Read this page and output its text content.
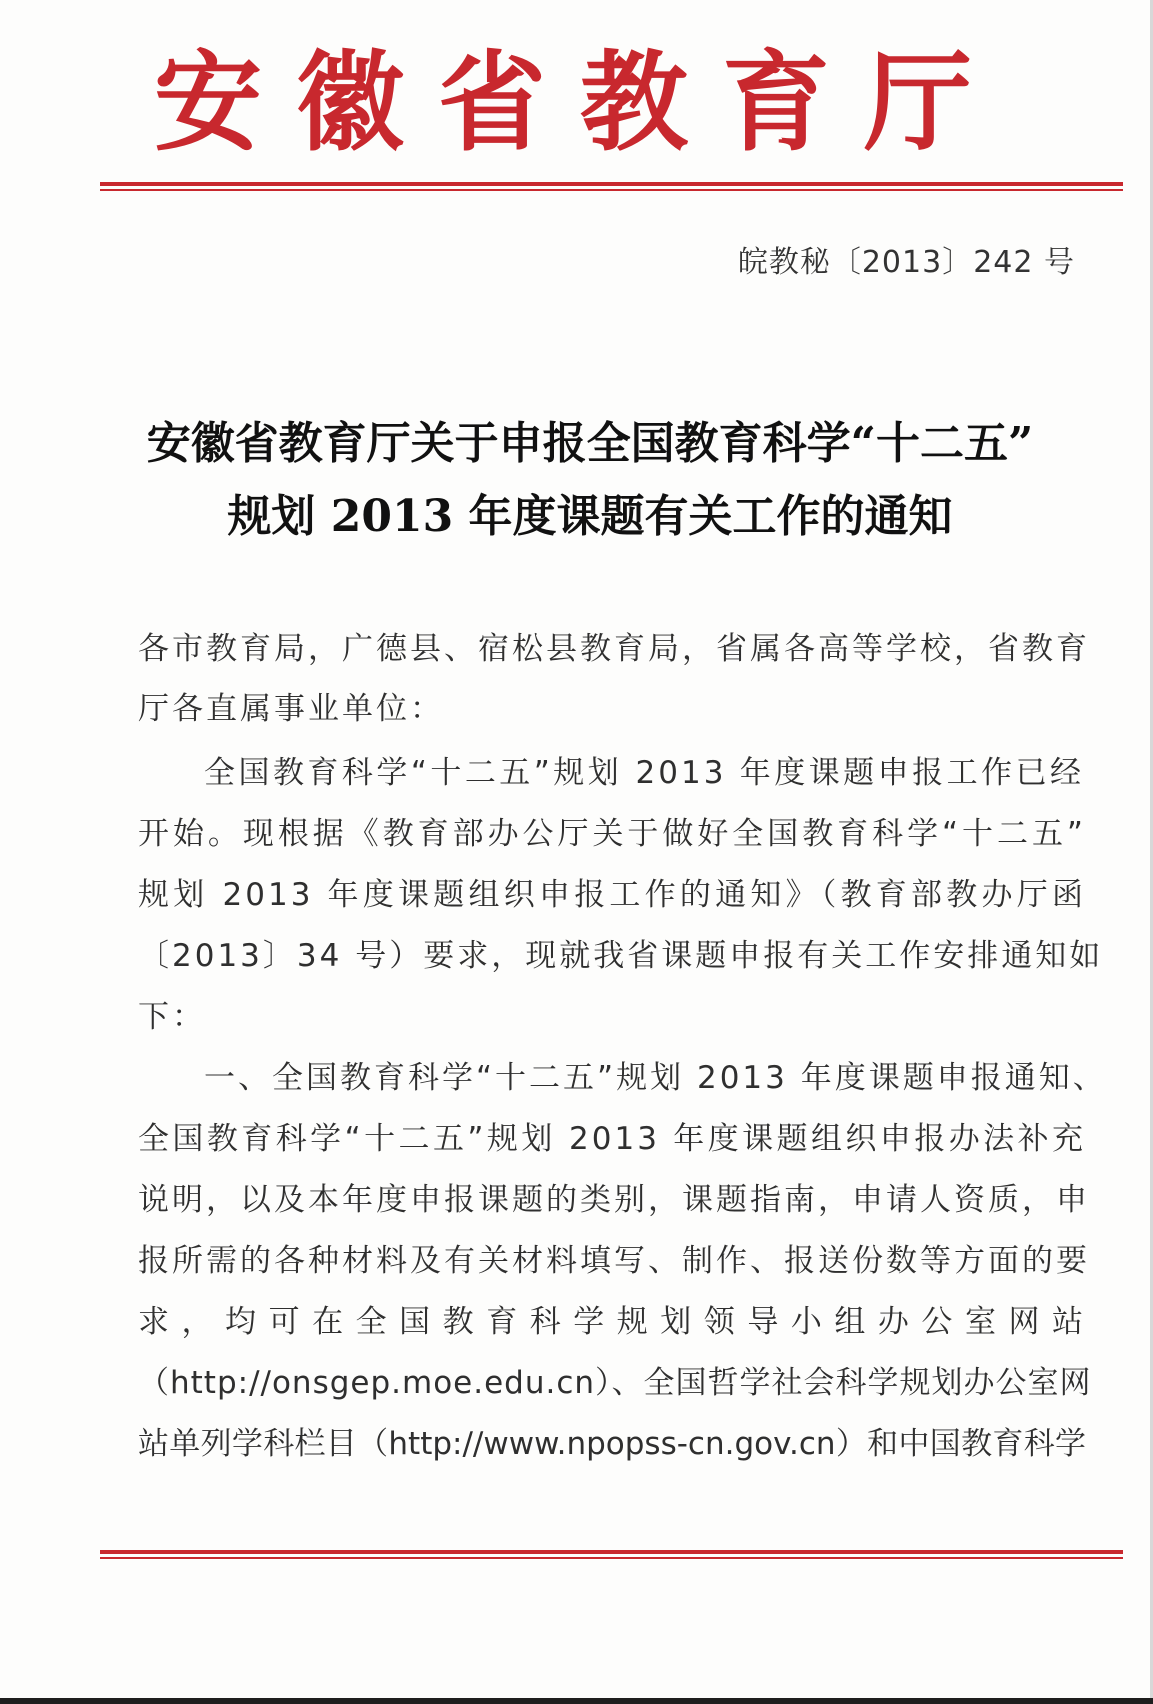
安徽省教育厅
皖教秘〔2013〕242 号
安徽省教育厅关于申报全国教育科学“十二五”
规划 2013 年度课题有关工作的通知
各市教育局，广德县、宿松县教育局，省属各高等学校，省教育
厅各直属事业单位：
全国教育科学“十二五”规划 2013 年度课题申报工作已经
开始。现根据《教育部办公厅关于做好全国教育科学“十二五”
规划 2013 年度课题组织申报工作的通知》（教育部教办厅函
〔2013〕34 号）要求，现就我省课题申报有关工作安排通知如
下：
一、全国教育科学“十二五”规划 2013 年度课题申报通知、
全国教育科学“十二五”规划 2013 年度课题组织申报办法补充
说明，以及本年度申报课题的类别，课题指南，申请人资质，申
报所需的各种材料及有关材料填写、制作、报送份数等方面的要
求，均可在全国教育科学规划领导小组办公室网站
（http://onsgep.moe.edu.cn）、全国哲学社会科学规划办公室网
站单列学科栏目（http://www.npopss-cn.gov.cn）和中国教育科学
